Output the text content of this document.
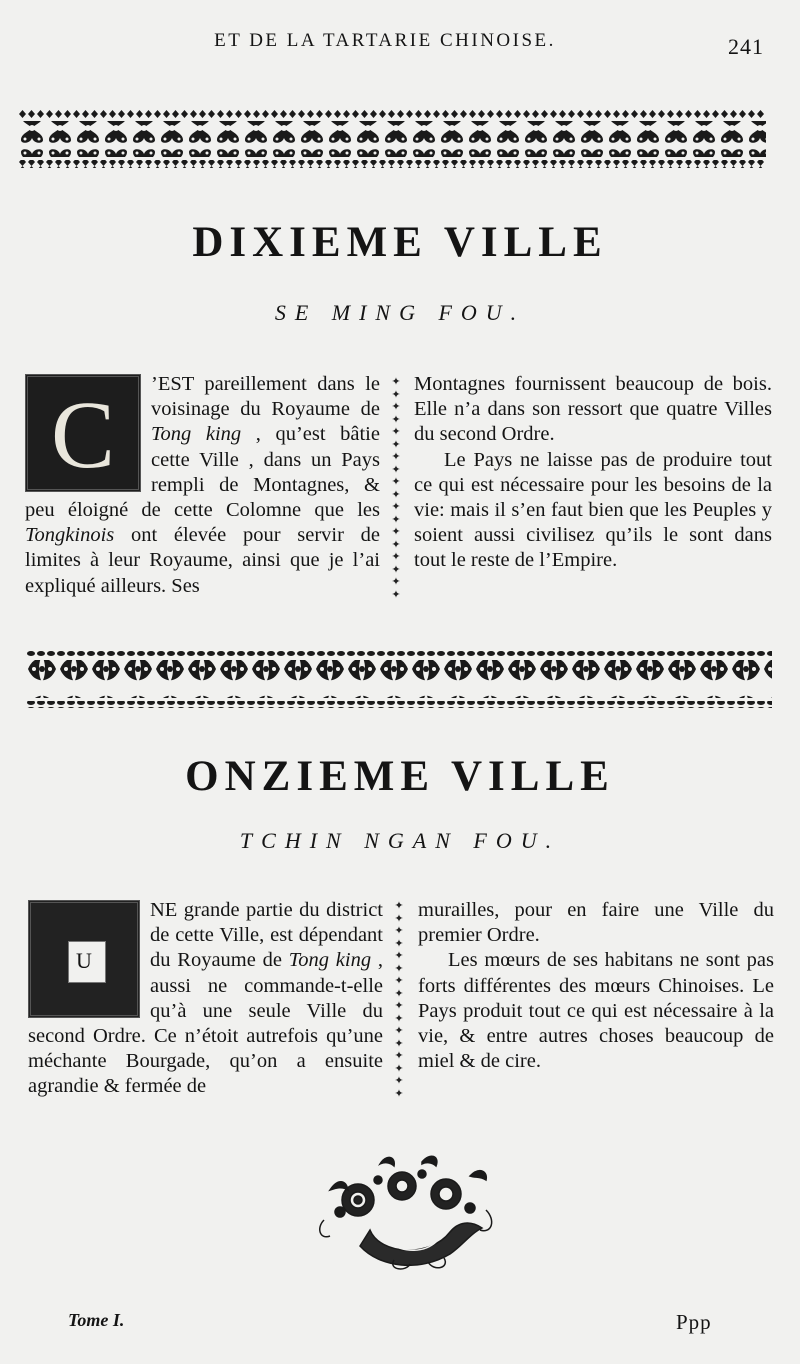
ET DE LA TARTARIE CHINOISE.	241
DIXIEME VILLE
SE MING FOU.
C	’EST pareillement dans le voisinage du Royaume de Tong king , qu’est bâtie cette Ville , dans un Pays rempli de Montagnes, & peu éloigné de cette Colomne que les Tongkinois ont élevée pour servir de limites à leur Royaume, ainsi que je l’ai expliqué ailleurs. Ses

✦
✦
✦
✦
✦
✦
✦
✦
✦
✦
✦
✦
✦
✦
✦
✦
✦
✦

Montagnes fournissent beaucoup de bois. Elle n’a dans son ressort que quatre Villes du second Ordre.

Le Pays ne laisse pas de produire tout ce qui est nécessaire pour les besoins de la vie: mais il s’en faut bien que les Peuples y soient aussi civilisez qu’ils le sont dans tout le reste de l’Empire.

ONZIEME VILLE
TCHIN NGAN FOU.
U

NE grande partie du district de cette Ville, est dépendant du Royaume de Tong king , aussi ne commande-t-elle qu’à une seule Ville du second Ordre. Ce n’étoit autrefois qu’une méchante Bourgade, qu’on a ensuite agrandie & fermée de

✦
✦
✦
✦
✦
✦
✦
✦
✦
✦
✦
✦
✦
✦
✦
✦

murailles, pour en faire une Ville du premier Ordre.

Les mœurs de ses habitans ne sont pas forts différentes des mœurs Chinoises. Le Pays produit tout ce qui est nécessaire à la vie, & entre autres choses beaucoup de miel & de cire.

Tome I.	Ppp
